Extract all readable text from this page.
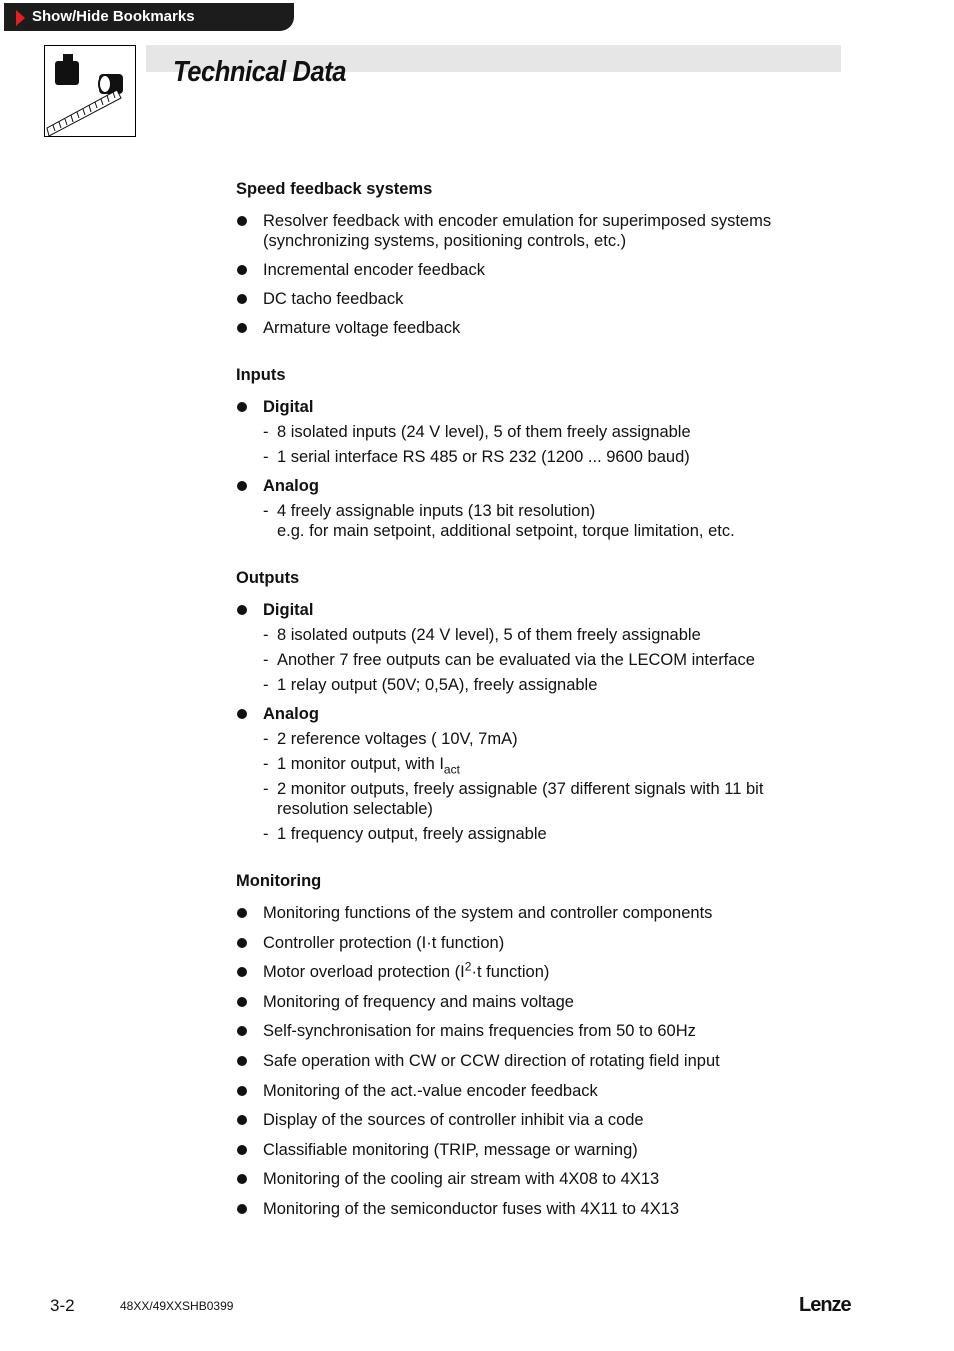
Show/Hide Bookmarks
Technical Data
Speed feedback systems
Resolver feedback with encoder emulation for superimposed systems (synchronizing systems, positioning controls, etc.)
Incremental encoder feedback
DC tacho feedback
Armature voltage feedback
Inputs
Digital
- 8 isolated inputs (24 V level), 5 of them freely assignable
- 1 serial interface RS 485 or RS 232 (1200 ... 9600 baud)
Analog
- 4 freely assignable inputs (13 bit resolution)
e.g. for main setpoint, additional setpoint, torque limitation, etc.
Outputs
Digital
- 8 isolated outputs (24 V level), 5 of them freely assignable
- Another 7 free outputs can be evaluated via the LECOM interface
- 1 relay output (50V; 0,5A), freely assignable
Analog
- 2 reference voltages ( 10V, 7mA)
- 1 monitor output, with $I_{act}$
- 2 monitor outputs, freely assignable (37 different signals with 11 bit resolution selectable)
- 1 frequency output, freely assignable
Monitoring
Monitoring functions of the system and controller components
Controller protection (I·t function)
Motor overload protection ($I^2\cdot t$ function)
Monitoring of frequency and mains voltage
Self-synchronisation for mains frequencies from 50 to 60Hz
Safe operation with CW or CCW direction of rotating field input
Monitoring of the act.-value encoder feedback
Display of the sources of controller inhibit via a code
Classifiable monitoring (TRIP, message or warning)
Monitoring of the cooling air stream with 4X08 to 4X13
Monitoring of the semiconductor fuses with 4X11 to 4X13
3-2	48XX/49XXSHB0399	Lenze
